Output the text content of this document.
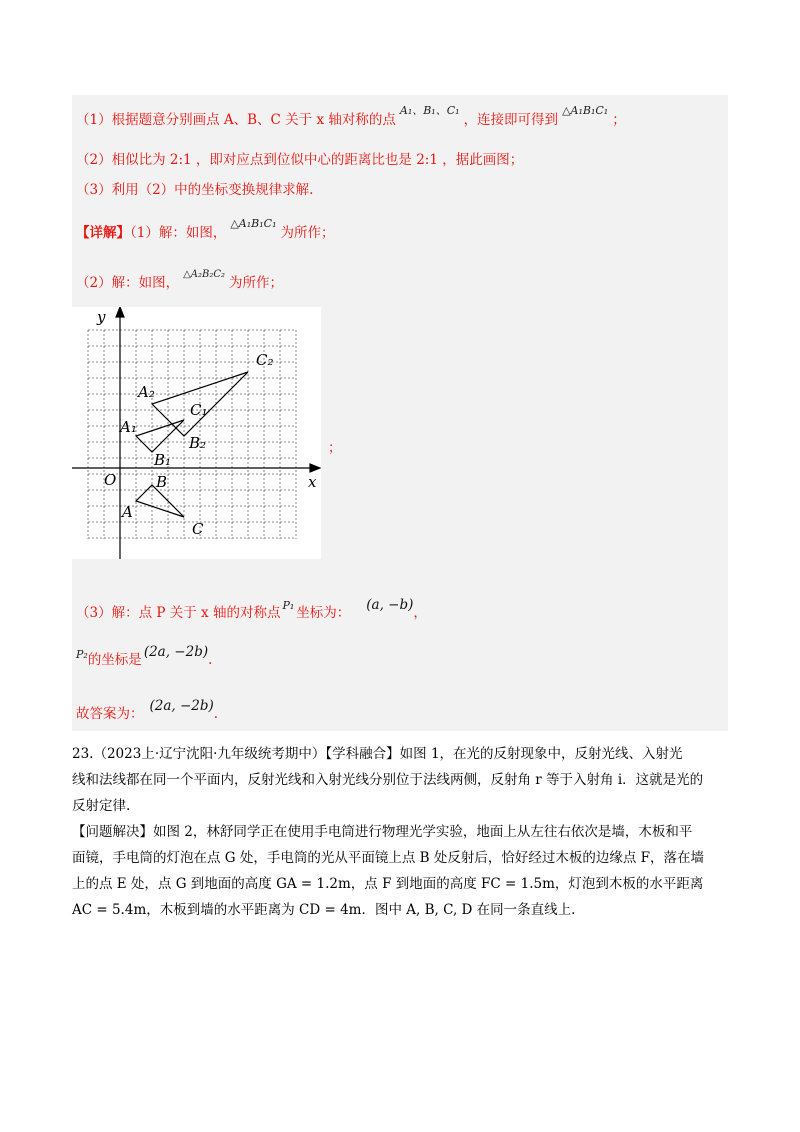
（1）根据题意分别画点 A、B、C 关于 x 轴对称的点$^{A_1、B_1、C_1}$，连接即可得到$^{\triangle A_1B_1C_1}$；
（2）相似比为 2:1 ，即对应点到位似中心的距离比也是 2:1 ，据此画图；
（3）利用（2）中的坐标变换规律求解.
【详解】（1）解：如图，$^{\triangle A_1B_1C_1}$为所作；
（2）解：如图，$^{\triangle A_2B_2C_2}$为所作；
y
x
O
A
B
C
A₁
B₁
C₁
A₂
B₂
C₂
；
（3）解：点 P 关于 x 轴的对称点 $^{P_1}$ 坐标为： (a, −b)，
$^{P_2}$的坐标是 (2a, −2b).
故答案为： (2a, −2b).
23.（2023上·辽宁沈阳·九年级统考期中）【学科融合】如图 1，在光的反射现象中，反射光线、入射光
线和法线都在同一个平面内，反射光线和入射光线分别位于法线两侧，反射角 r 等于入射角 i．这就是光的
反射定律.
【问题解决】如图 2，林舒同学正在使用手电筒进行物理光学实验，地面上从左往右依次是墙，木板和平
面镜，手电筒的灯泡在点 G 处，手电筒的光从平面镜上点 B 处反射后，恰好经过木板的边缘点 F，落在墙
上的点 E 处，点 G 到地面的高度 GA = 1.2m，点 F 到地面的高度 FC = 1.5m，灯泡到木板的水平距离
AC = 5.4m，木板到墙的水平距离为 CD = 4m．图中 A, B, C, D 在同一条直线上.
